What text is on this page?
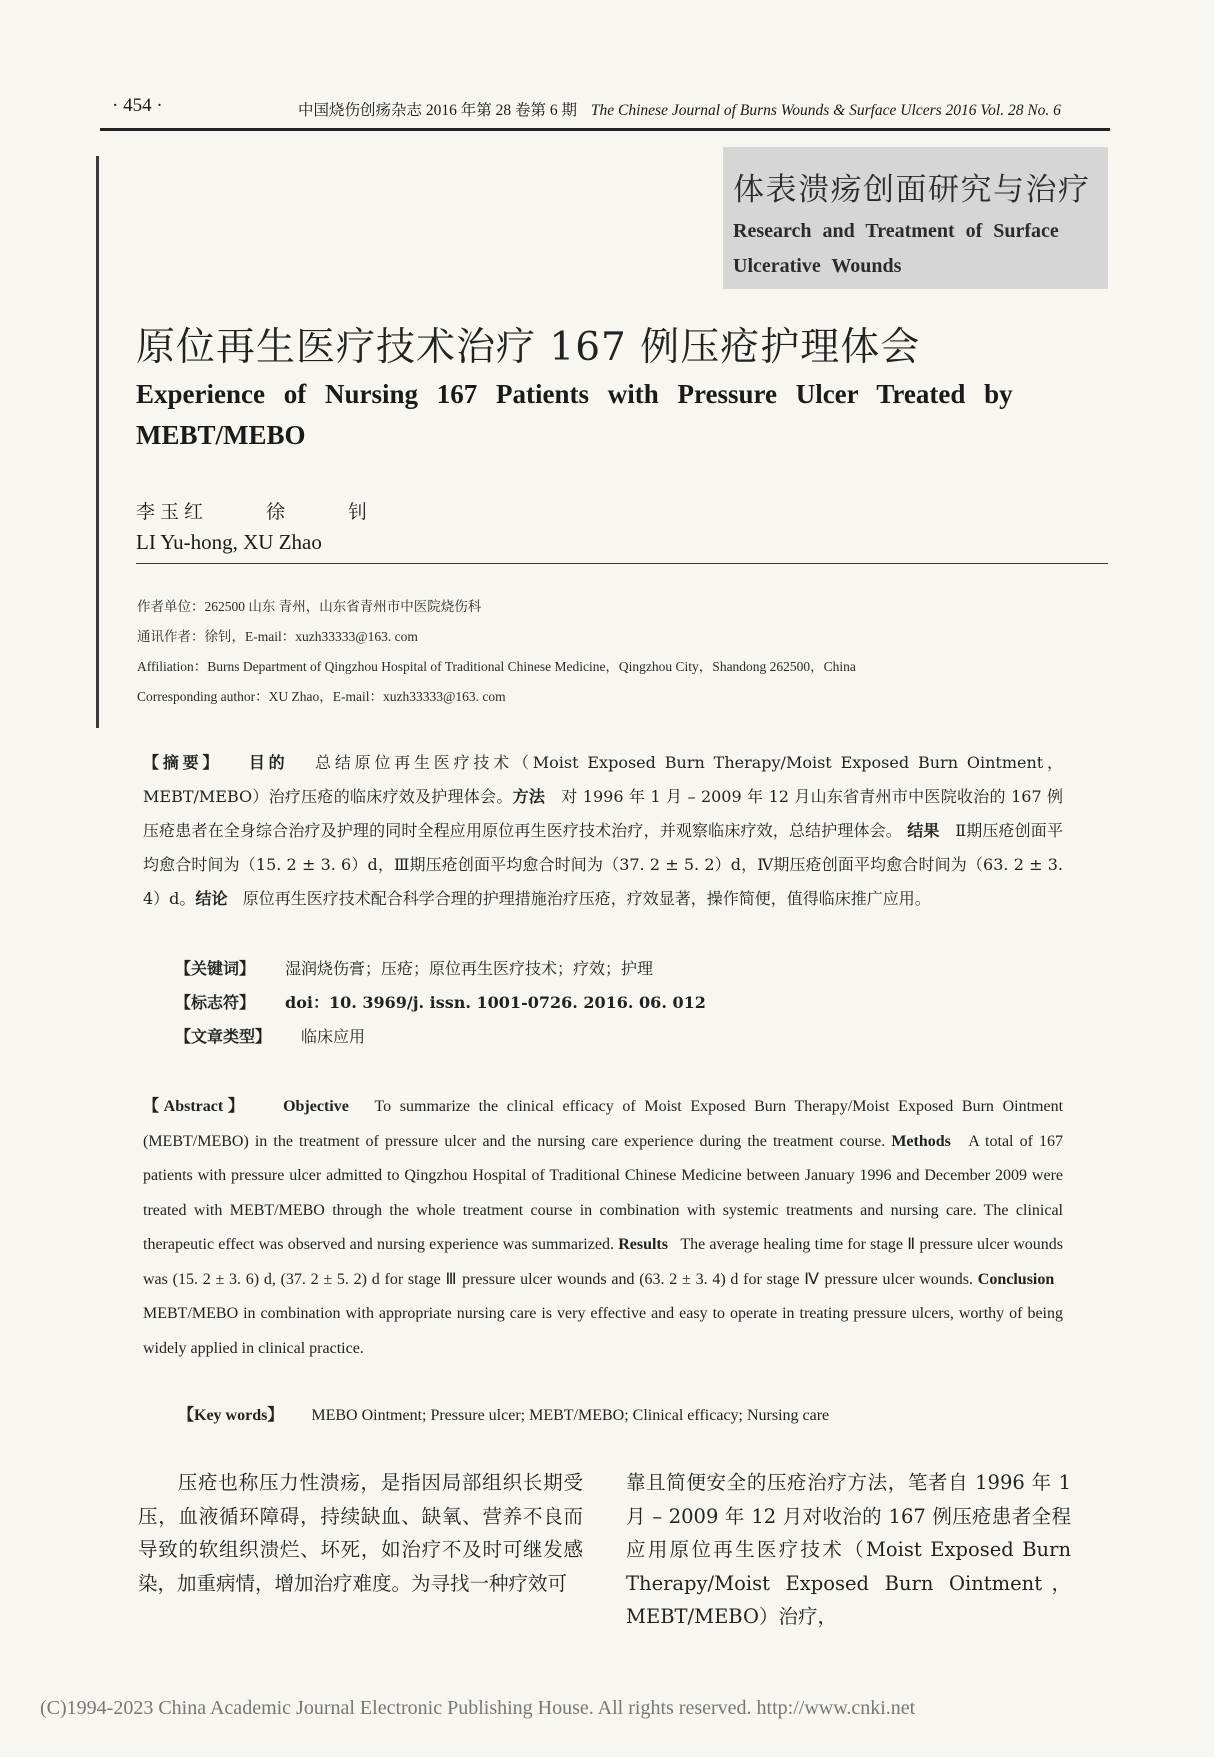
· 454 ·	中国烧伤创疡杂志 2016 年第 28 卷第 6 期 The Chinese Journal of Burns Wounds & Surface Ulcers 2016 Vol. 28 No. 6
体表溃疡创面研究与治疗
Research and Treatment of Surface Ulcerative Wounds
原位再生医疗技术治疗 167 例压疮护理体会
Experience of Nursing 167 Patients with Pressure Ulcer Treated by MEBT/MEBO
李玉红  徐  钊
LI Yu-hong, XU Zhao
作者单位：262500 山东 青州，山东省青州市中医院烧伤科
通讯作者：徐钊，E-mail：xuzh33333@163. com
Affiliation：Burns Department of Qingzhou Hospital of Traditional Chinese Medicine，Qingzhou City，Shandong 262500，China
Corresponding author：XU Zhao，E-mail：xuzh33333@163. com
【摘要】 目的 总结原位再生医疗技术（Moist Exposed Burn Therapy/Moist Exposed Burn Ointment，MEBT/MEBO）治疗压疮的临床疗效及护理体会。方法 对 1996 年 1 月 – 2009 年 12 月山东省青州市中医院收治的 167 例压疮患者在全身综合治疗及护理的同时全程应用原位再生医疗技术治疗，并观察临床疗效，总结护理体会。 结果 Ⅱ期压疮创面平均愈合时间为（15. 2 ± 3. 6）d，Ⅲ期压疮创面平均愈合时间为（37. 2 ± 5. 2）d，Ⅳ期压疮创面平均愈合时间为（63. 2 ± 3. 4）d。结论 原位再生医疗技术配合科学合理的护理措施治疗压疮，疗效显著，操作简便，值得临床推广应用。
【关键词】 湿润烧伤膏；压疮；原位再生医疗技术；疗效；护理
【标志符】 doi：10. 3969/j. issn. 1001-0726. 2016. 06. 012
【文章类型】 临床应用
【Abstract】 Objective To summarize the clinical efficacy of Moist Exposed Burn Therapy/Moist Exposed Burn Ointment (MEBT/MEBO) in the treatment of pressure ulcer and the nursing care experience during the treatment course. Methods A total of 167 patients with pressure ulcer admitted to Qingzhou Hospital of Traditional Chinese Medicine between January 1996 and December 2009 were treated with MEBT/MEBO through the whole treatment course in combination with systemic treatments and nursing care. The clinical therapeutic effect was observed and nursing experience was summarized. Results The average healing time for stage Ⅱ pressure ulcer wounds was (15. 2 ± 3. 6) d, (37. 2 ± 5. 2) d for stage Ⅲ pressure ulcer wounds and (63. 2 ± 3. 4) d for stage Ⅳ pressure ulcer wounds. Conclusion   MEBT/MEBO in combination with appropriate nursing care is very effective and easy to operate in treating pressure ulcers, worthy of being widely applied in clinical practice.
【Key words】 MEBO Ointment; Pressure ulcer; MEBT/MEBO; Clinical efficacy; Nursing care
压疮也称压力性溃疡，是指因局部组织长期受压，血液循环障碍，持续缺血、缺氧、营养不良而导致的软组织溃烂、坏死，如治疗不及时可继发感染，加重病情，增加治疗难度。为寻找一种疗效可
靠且简便安全的压疮治疗方法，笔者自 1996 年 1 月 – 2009 年 12 月对收治的 167 例压疮患者全程应用原位再生医疗技术（Moist Exposed Burn Therapy/Moist Exposed Burn Ointment，MEBT/MEBO）治疗，
(C)1994-2023 China Academic Journal Electronic Publishing House. All rights reserved. http://www.cnki.net
